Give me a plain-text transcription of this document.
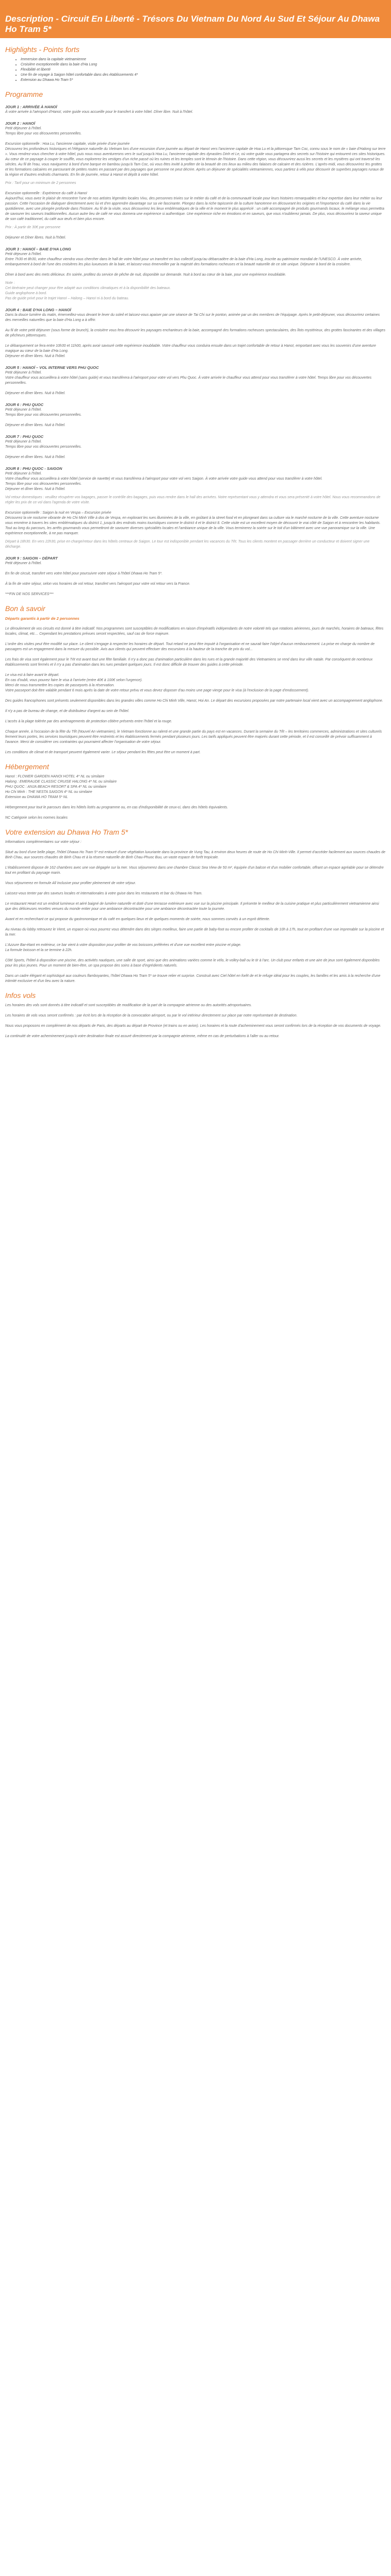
Description - Circuit En Liberté - Trésors Du Vietnam Du Nord Au Sud Et Séjour Au Dhawa Ho Tram 5*
Highlights - Points forts
• Immersion dans la capitale vietnamienne
• Croisière exceptionnelle dans la baie d'Ha Long
• Flexibilité et liberté
• Une fin de voyage à Saigon hôtel confortable dans des établissements 4*
• Extension au Dhawa Ho Tram 5*
Programme
JOUR 1 : ARRIVÉE À HANOÏ
À votre arrivée à l'aéroport d'Hanoï, votre guide vous accueille pour le transfert à votre hôtel. Dîner libre. Nuit à l'hôtel.
JOUR 2 : HANOÏ
Petit déjeuner à l'hôtel.
Temps libre pour vos découvertes personnelles.
Excursion optionnelle : Hoa Lu, l'ancienne capitale, visite privée d'une journée
Découvrez les profondeurs historiques et l'élégance naturelle du Vietnam lors d'une excursion d'une journée au départ de Hanoï vers l'ancienne capitale de Hoa Lu et la pittoresque Tam Coc, connu sous le nom de « baie d'Halong sur terre ». Vous rendrez-vous chercher à votre hôtel, puis nous nous aventurerons vers le sud jusqu'à Hoa Lu, l'ancienne capitale des dynasties Dinh et Le, où votre guide vous partagera des secrets sur l'histoire qui entourent ces sites historiques. Au cœur de ce paysage à couper le souffle, vous explorerez les vestiges d'un riche passé où les ruines et les temples sont le témoin de l'histoire. Dans cette région, vous découvrirez aussi les secrets et les mystères qui ont traversé les siècles. Au fil de l'eau, vous naviguerez à bord d'une barque en bambou jusqu'à Tam Coc, où vous êtes invité à profiter de la beauté de ces lieux au milieu des falaises de calcaire et des rizières. L'après-midi, vous découvrirez les grottes et les formations calcaires en parcourant de petites routes en passant par des paysages que personne ne peut décrire. Après un déjeuner de spécialités vietnamiennes, vous partirez à vélo pour découvrir de superbes paysages ruraux de la région et d'autres endroits charmants. En fin de journée, retour à Hanoï et dépôt à votre hôtel.
Prix : Tarif pour un minimum de 2 personnes
Excursion optionnelle : Expérience du café à Hanoï
Aujourd'hui, vous avez le plaisir de rencontrer l'une de nos artistes légendes locales Vivu, des personnes trivies sur le métier du café et de la communauté locale pour leurs histoires remarquables et leur expertise dans leur métier ou leur passion. Cette l'occasion de dialoguer directement avec lui et d'en apprendre davantage sur sa vie fascinante. Plongez dans la riche tapisserie de la culture hanoïenne en découvrant les origines et l'importance du café dans la vie quotidienne, avec une plongée profonde dans l'histoire. Au fil de la visite, vous découvrirez les lieux emblématiques de la ville et le moment le plus apprécié : un café accompagné de produits gourmands locaux, le mélange vous permettra de savourer les saveurs traditionnelles. Aucun autre lieu de café ne vous donnera une expérience si authentique. Une expérience riche en émotions et en saveurs, que vous n'oublierez jamais. De plus, vous découvrirez la saveur unique de son café traditionnel, du café aux œufs et bien plus encore.
Prix : À partir de 30€ par personne
Déjeuner et Dîner libres. Nuit à l'hôtel.
JOUR 3 : HANOÏ – BAIE D'HA LONG
Petit déjeuner à l'hôtel.
Entre 7h30 et 8h30, votre chauffeur viendra vous chercher dans le hall de votre hôtel pour un transfert en bus collectif jusqu'au débarcadère de la baie d'Ha Long, inscrite au patrimoine mondial de l'UNESCO. À votre arrivée, embarquement à bord de l'une des croisières les plus luxueuses de la baie, et laissez-vous émerveiller par la majesté des formations rocheuses et la beauté naturelle de ce site unique. Déjeuner à bord de la croisière.
Dîner à bord avec des mets délicieux. En soirée, profitez du service de pêche de nuit, disponible sur demande. Nuit à bord au cœur de la baie, pour une expérience inoubliable.
Note :
Cet itinéraire peut changer pour être adapté aux conditions climatiques et à la disponibilité des bateaux.
Guide anglophone à bord.
Pas de guide privé pour le trajet Hanoï – Halong – Hanoï ni à bord du bateau.
JOUR 4 : BAIE D'HA LONG – HANOÏ
Dans la douce lumière du matin, émerveillez-vous devant le lever du soleil et laissez-vous apaiser par une séance de Tai Chi sur le ponton, animée par un des membres de l'équipage. Après le petit-déjeuner, vous découvrirez certaines des merveilles naturelles que la baie d'Ha Long a à offrir.
Au fil de votre petit déjeuner (sous forme de brunch), la croisière vous fera découvrir les paysages enchanteurs de la baie, accompagné des formations rocheuses spectaculaires, des îlots mystérieux, des grottes fascinantes et des villages de pêcheurs pittoresques.
Le débarquement se fera entre 10h30 et 11h00, après avoir savouré cette expérience inoubliable. Votre chauffeur vous conduira ensuite dans un trajet confortable de retour à Hanoï, emportant avec vous les souvenirs d'une aventure magique au cœur de la baie d'Ha Long.
Déjeuner et dîner libres. Nuit à l'hôtel.
JOUR 5 : HANOÏ – VOL INTERNE VERS PHU QUOC
Petit déjeuner à l'hôtel.
Votre chauffeur vous accueillera à votre hôtel (sans guide) et vous transférera à l'aéroport pour votre vol vers Phu Quoc. À votre arrivée le chauffeur vous attend pour vous transférer à votre hôtel. Temps libre pour vos découvertes personnelles.
Déjeuner et dîner libres. Nuit à l'hôtel.
JOUR 6 : PHU QUOC
Petit déjeuner à l'hôtel.
Temps libre pour vos découvertes personnelles.
Déjeuner et dîner libres. Nuit à l'hôtel.
JOUR 7 : PHU QUOC
Petit déjeuner à l'hôtel.
Temps libre pour vos découvertes personnelles.
Déjeuner et dîner libres. Nuit à l'hôtel.
JOUR 8 : PHU QUOC - SAIGON
Petit déjeuner à l'hôtel.
Votre chauffeur vous accueillera à votre hôtel (service de navette) et vous transférera à l'aéroport pour votre vol vers Saigon. À votre arrivée votre guide vous attend pour vous transférer à votre hôtel.
Temps libre pour vos découvertes personnelles.
Déjeuner et dîner libres. Nuit à l'hôtel.
Vol retour domestiques : veuillez récupérer vos bagages, passer le contrôle des bagages, puis vous rendre dans le hall des arrivées. Notre représentant vous y attendra et vous sera présenté à votre hôtel. Nous vous recommandons de régler les prix de ce vol dans l'agenda de votre visite.
Excursion optionnelle : Saigon la nuit en Vespa – Excursion privée
Découvrez la vie nocturne vibrante de Ho Chi Minh Ville à dos de Vespa, en explorant les rues illuminées de la ville, en goûtant à la street food et en plongeant dans sa culture via le marché nocturne de la ville. Cette aventure nocturne vous emmène à travers les sites emblématiques du district 1, jusqu'à des endroits moins touristiques comme le district 4 et le district 8. Cette visite est un excellent moyen de découvrir le vrai côté de Saigon et à rencontrer les habitants. Tout au long du parcours, les arrêts gourmands vous permettront de savourer diverses spécialités locales et l'ambiance unique de la ville. Vous terminerez la soirée sur le toit d'un bâtiment avec une vue panoramique sur la ville. Une expérience exceptionnelle, à ne pas manquer.
Départ à 18h30. En vers 22h30, prise en charge/retour dans les hôtels centraux de Saigon. Le tour est indisponible pendant les vacances du Têt. Tous les clients montent en passager derrière un conducteur et doivent signer une décharge.
JOUR 9 : SAIGON – DÉPART
Petit déjeuner à l'hôtel.
En fin de circuit, transfert vers votre hôtel pour poursuivre votre séjour à l'hôtel Dhawa Ho Tram 5*.
À la fin de votre séjour, selon vos horaires de vol retour, transfert vers l'aéroport pour votre vol retour vers la France.
***FIN DE NOS SERVICES***
Bon à savoir
Départs garantis à partir de 2 personnes
Le déroulement de vos circuits est donné à titre indicatif. Nos programmes sont susceptibles de modifications en raison d'impératifs indépendants de notre volonté tels que rotations aériennes, jours de marchés, horaires de bateaux, fêtes locales, climat, etc… Cependant les prestations prévues seront respectées, sauf cas de force majeure.
L'ordre des visites peut être modifié sur place. Le client s'engage à respecter les horaires de départ. Tout retard ne peut être imputé à l'organisation et ne saurait faire l'objet d'aucun remboursement. La prise en charge du nombre de passagers est un engagement dans la mesure du possible. Avis aux clients qui peuvent effectuer des excursions à la hauteur de la tranche de prix du vol...
Les frais de visa sont également pour le Tét est avant tout une fête familiale. Il n'y a donc pas d'animation particulière dans les rues et la grande majorité des Vietnamiens se rend dans leur ville natale. Par conséquent de nombreux établissements sont fermés et il n'y a pas d'animation dans les rues pendant quelques jours. Il est donc difficile de trouver des guides à cette période.
Le visa est à faire avant le départ.
En cas d'oubli, vous pouvez faire le visa à l'arrivée (entre 40€ à 100€ selon l'urgence).
Merci de nous transmettre les copies de passeports à la réservation.
Votre passeport doit être valable pendant 6 mois après la date de votre retour prévu et vous devez disposer d'au moins une page vierge pour le visa (à l'exclusion de la page d'endossement).
Des guides francophones sont présents seulement disponibles dans les grandes villes comme Ho Chi Minh Ville, Hanoï, Hoi An. Le départ des excursions proposées par notre partenaire local vient avec un accompagnement anglophone.
Il n'y a pas de bureau de change, et de distributeur d'argent au sein de l'hôtel.
L'accès à la plage tolérée par des aménagements de protection côtière présents entre l'hôtel et la rouge.
Chaque année, à l'occasion de la fête du Tết (Nouvel An vietnamien), le Vietnam fonctionne au ralenti et une grande partie du pays est en vacances. Durant la semaine du Tết – les territoires commerces, administrations et sites culturels ferment leurs portes, les services touristiques peuvent être restreints et les établissements fermés pendant plusieurs jours. Les tarifs appliqués peuvent être majorés durant cette période, et il est conseillé de prévoir suffisamment à l'avance. Merci de considérer ces contraintes qui pourraient affecter l'organisation de votre séjour.
Les conditions de climat et de transport peuvent également varier. Le séjour pendant les fêtes peut être un moment à part.
Hébergement
Hanoï : FLOWER GARDEN HANOI HOTEL 4* NL ou similaire
Halong : EMERAUDE CLASSIC CRUISE HALONG 4* NL ou similaire
PHU QUOC : ANJA BEACH RESORT & SPA 4* NL ou similaire
Ho Chi Minh : THE NESTA SAIGON 4* NL ou similaire
Extension au DHAWA HO TRAM 5* NL
Hébergement pour tout le parcours dans les hôtels listés au programme ou, en cas d'indisponibilité de ceux-ci, dans des hôtels équivalents.
NC Catégorie selon les normes locales
Votre extension au Dhawa Ho Tram 5*
Informations complémentaires sur votre séjour :
Situé au bord d'une belle plage, l'hôtel Dhawa Ho Tram 5* est entouré d'une végétation luxuriante dans la province de Vung Tau, à environ deux heures de route de Ho Chi Minh-Ville. Il permet d'accéder facilement aux sources chaudes de Binh Chau, aux sources chaudes de Binh Chau et à la réserve naturelle de Binh Chau-Phuoc Buu, un vaste espace de forêt tropicale.
L'établissement dispose de 162 chambres avec une vue dégagée sur la mer. Vous séjournerez dans une chambre Classic Sea View de 50 m², équipée d'un balcon et d'un mobilier confortable, offrant un espace agréable pour se détendre tout en profitant du paysage marin.
Vous séjournerez en formule All Inclusive pour profiter pleinement de votre séjour.
Laissez-vous tenter par des saveurs locales et internationales à votre guise dans les restaurants et bar du Dhawa Ho Tram.
Le restaurant Heart est un endroit lumineux et aéré baigné de lumière naturelle et doté d'une terrasse extérieure avec vue sur la piscine principale. Il présente le meilleur de la cuisine pratique et plus particulièrement vietnamienne ainsi que des délicieuses recettes venues du monde entier pour une ambiance décontractée pour une ambiance décontractée toute la journée.
Avant et en recherchant ce qui propose du gastronomique et du café en quelques lieux et de quelques moments de soirée, nous sommes conviés à un esprit détente.
Au niveau du lobby retrouvez le Vient, un espace où vous pourrez vous détendre dans des sièges moelleux, faire une partie de baby-foot ou encore profiter de cocktails de 10h à 17h, tout en profitant d'une vue imprenable sur la piscine et la mer.
L'Azzure Bar-étant en extérieur, ce bar vient à votre disposition pour profiter de vos boissons préférées et d'une vue excellent entre piscine et plage.
La formule boisson et la se termine à 22h.
Côté Sports, l'hôtel à disposition une piscine, des activités nautiques, une salle de sport, ainsi que des animations variées comme le vélo, le volley-ball ou le tir à l'arc. Un club pour enfants et une aire de jeux sont également disponibles pour les plus jeunes. Pour un moment de bien-être, un spa propose des soins à base d'ingrédients naturels.
Dans un cadre élégant et sophistiqué aux couleurs flamboyantes, l'hôtel Dhawa Ho Tram 5* se trouve relier et surprise. Construit avec Ciel hôtel en forêt de et le refuge idéal pour les couples, les familles et les amis à la recherche d'une intimité exclusive et d'un lieu avec la nature.
Infos vols
Les horaires des vols sont donnés à titre indicatif et sont susceptibles de modification de la part de la compagnie aérienne ou des autorités aéroportuaires.
Les horaires de vols vous seront confirmés : par écrit lors de la réception de la convocation aéroport, ou par le vol intérieur directement sur place par notre représentant de destination.
Nous vous proposons en complément de nos départs de Paris, des départs au départ de Province (et trains ou en avion). Les horaires et la route d'acheminement vous seront confirmés lors de la réception de vos documents de voyage.
La continuité de votre acheminement jusqu'à votre destination finale est assuré directement par la compagnie aérienne, même en cas de perturbations à l'aller ou au retour.
